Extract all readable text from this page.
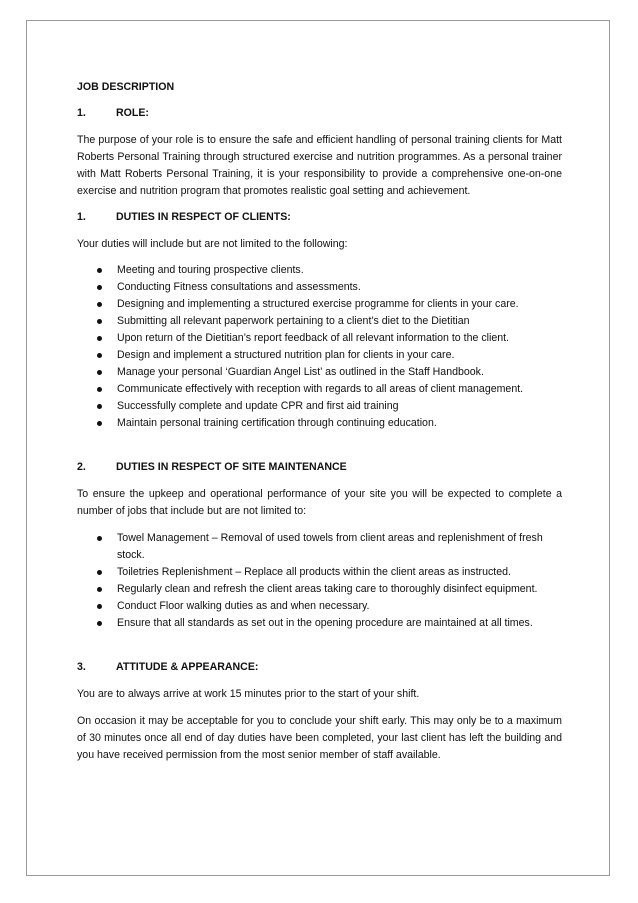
JOB DESCRIPTION

1.	ROLE:

The purpose of your role is to ensure the safe and efficient handling of personal training clients for Matt Roberts Personal Training through structured exercise and nutrition programmes. As a personal trainer with Matt Roberts Personal Training, it is your responsibility to provide a comprehensive one-on-one exercise and nutrition program that promotes realistic goal setting and achievement.

1.	DUTIES IN RESPECT OF CLIENTS:

Your duties will include but are not limited to the following:

Meeting and touring prospective clients.
Conducting Fitness consultations and assessments.
Designing and implementing a structured exercise programme for clients in your care.
Submitting all relevant paperwork pertaining to a client’s diet to the Dietitian
Upon return of the Dietitian’s report feedback of all relevant information to the client.
Design and implement a structured nutrition plan for clients in your care.
Manage your personal ‘Guardian Angel List’ as outlined in the Staff Handbook.
Communicate effectively with reception with regards to all areas of client management.
Successfully complete and update CPR and first aid training
Maintain personal training certification through continuing education.
2.	DUTIES IN RESPECT OF SITE MAINTENANCE

To ensure the upkeep and operational performance of your site you will be expected to complete a number of jobs that include but are not limited to:

Towel Management – Removal of used towels from client areas and replenishment of fresh stock.
Toiletries Replenishment – Replace all products within the client areas as instructed.
Regularly clean and refresh the client areas taking care to thoroughly disinfect equipment.
Conduct Floor walking duties as and when necessary.
Ensure that all standards as set out in the opening procedure are maintained at all times.
3.	ATTITUDE & APPEARANCE:

You are to always arrive at work 15 minutes prior to the start of your shift.

On occasion it may be acceptable for you to conclude your shift early. This may only be to a maximum of 30 minutes once all end of day duties have been completed, your last client has left the building and you have received permission from the most senior member of staff available.
